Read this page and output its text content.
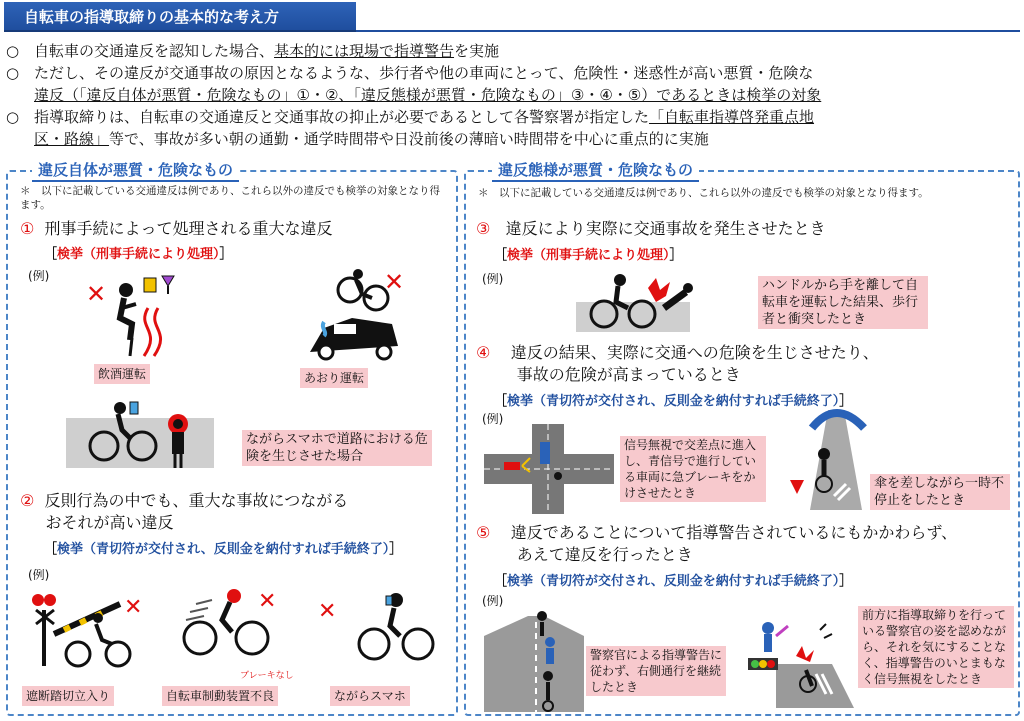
自転車の指導取締りの基本的な考え方
○ 自転車の交通違反を認知した場合、基本的には現場で指導警告を実施
○ ただし、その違反が交通事故の原因となるような、歩行者や他の車両にとって、危険性・迷惑性が高い悪質・危険な
違反（「違反自体が悪質・危険なもの」①・②、「違反態様が悪質・危険なもの」③・④・⑤）であるときは検挙の対象
○ 指導取締りは、自転車の交通違反と交通事故の抑止が必要であるとして各警察署が指定した「自転車指導啓発重点地
区・路線」等で、事故が多い朝の通勤・通学時間帯や日没前後の薄暗い時間帯を中心に重点的に実施
違反自体が悪質・危険なもの
＊　以下に記載している交通違反は例であり、これら以外の違反でも検挙の対象となり得ます。
① 刑事手続によって処理される重大な違反
［検挙（刑事手続により処理）］
(例)
✕
飲酒運転
✕
あおり運転
ながらスマホで道路における危険を生じさせた場合
② 反則行為の中でも、重大な事故につながる
おそれが高い違反
［検挙（青切符が交付され、反則金を納付すれば手続終了）］
(例)
✕
遮断踏切立入り
✕
ブレーキなし
自転車制動装置不良
✕
ながらスマホ
違反態様が悪質・危険なもの
＊　以下に記載している交通違反は例であり、これら以外の違反でも検挙の対象となり得ます。
③ 違反により実際に交通事故を発生させたとき
［検挙（刑事手続により処理）］
(例)	ハンドルから手を離して自転車を運転した結果、歩行者と衝突したとき
④ 違反の結果、実際に交通への危険を生じさせたり、
事故の危険が高まっているとき
［検挙（青切符が交付され、反則金を納付すれば手続終了）］
(例)
信号無視で交差点に進入し、青信号で進行している車両に急ブレーキをかけさせたとき
止まれ	傘を差しながら一時不停止をしたとき
⑤ 違反であることについて指導警告されているにもかかわらず、
あえて違反を行ったとき
［検挙（青切符が交付され、反則金を納付すれば手続終了）］
(例)
警察官による指導警告に従わず、右側通行を継続したとき
前方に指導取締りを行っている警察官の姿を認めながら、それを気にすることなく、指導警告のいとまもなく信号無視をしたとき
